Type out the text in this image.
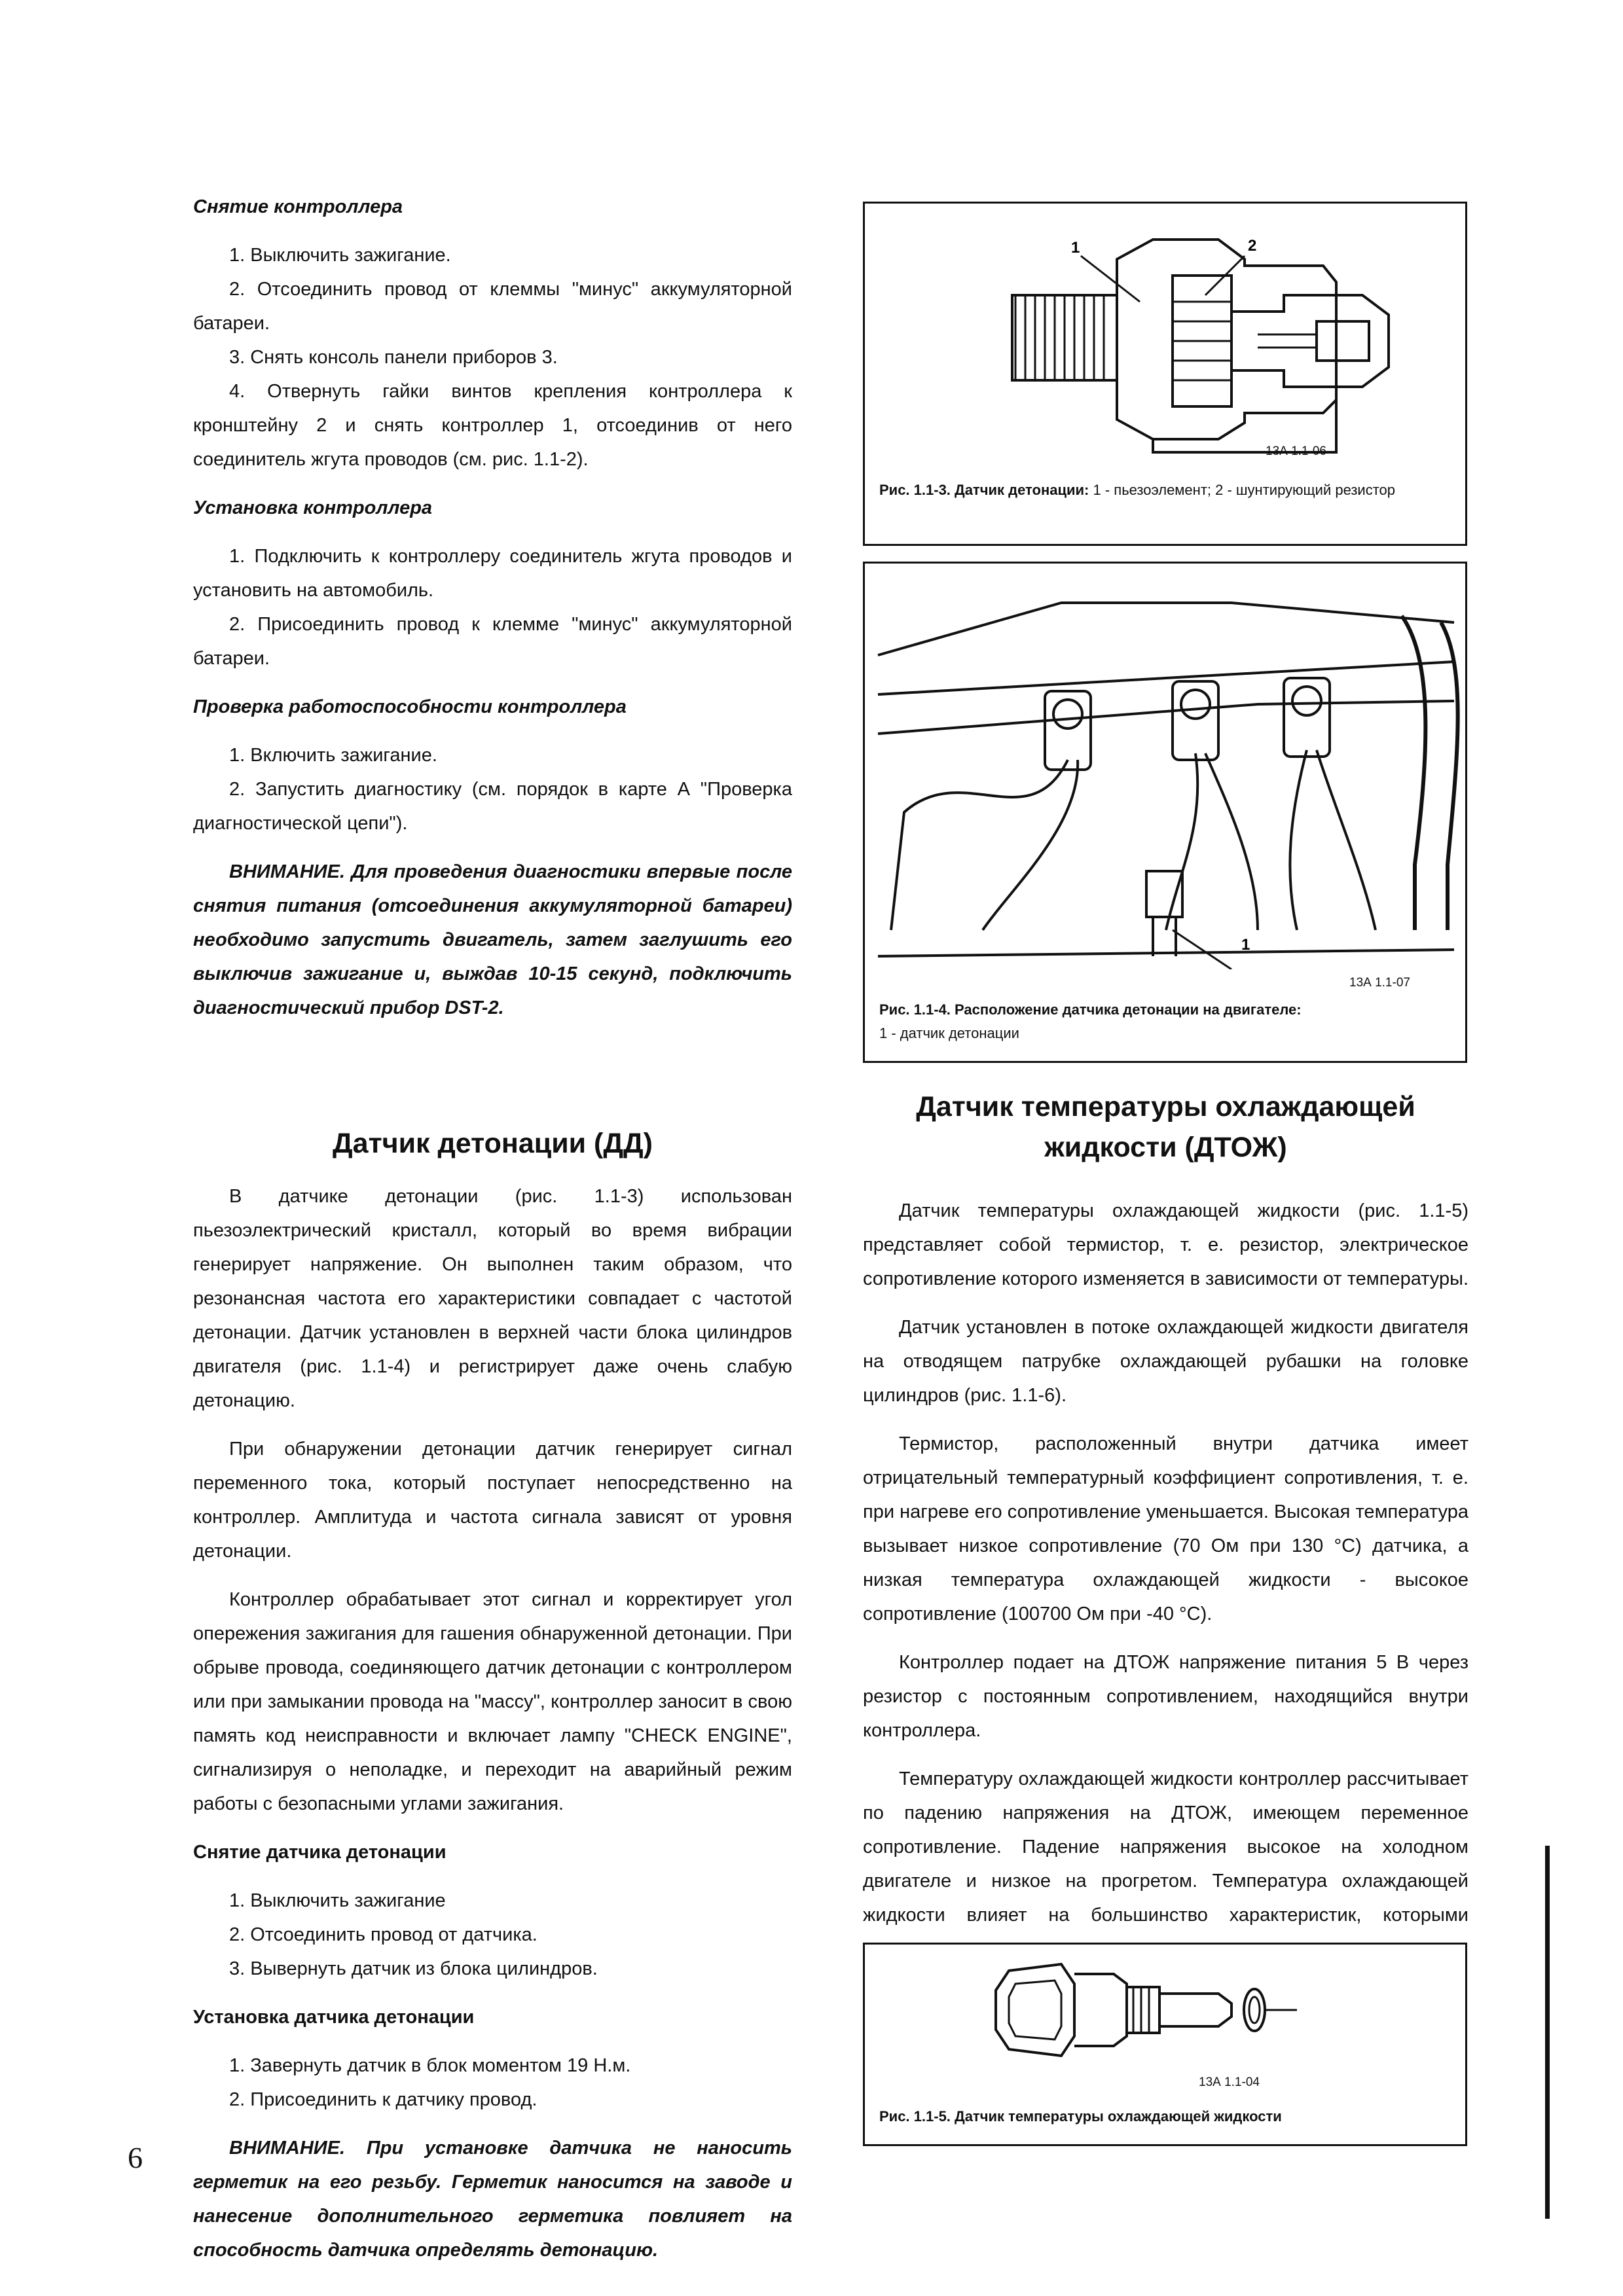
Снятие контроллера

1. Выключить зажигание.

2. Отсоединить провод от клеммы "минус" аккумуляторной батареи.

3. Снять консоль панели приборов 3.

4. Отвернуть гайки винтов крепления контроллера к кронштейну 2 и снять контроллер 1, отсоединив от него соединитель жгута проводов (см. рис. 1.1-2).

Установка контроллера

1. Подключить к контроллеру соединитель жгута проводов и установить на автомобиль.

2. Присоединить провод к клемме "минус" аккумуляторной батареи.

Проверка работоспособности контроллера

1. Включить зажигание.

2. Запустить диагностику (см. порядок в карте А "Проверка диагностической цепи").

ВНИМАНИЕ. Для проведения диагностики впервые после снятия питания (отсоединения аккумуляторной батареи) необходимо запустить двигатель, затем заглушить его выключив зажигание и, выждав 10-15 секунд, подключить диагностический прибор DST-2.

Датчик детонации (ДД)

В датчике детонации (рис. 1.1-3) использован пьезоэлектрический кристалл, который во время вибрации генерирует напряжение. Он выполнен таким образом, что резонансная частота его характеристики совпадает с частотой детонации. Датчик установлен в верхней части блока цилиндров двигателя (рис. 1.1-4) и регистрирует даже очень слабую детонацию.

При обнаружении детонации датчик генерирует сигнал переменного тока, который поступает непосредственно на контроллер. Амплитуда и частота сигнала зависят от уровня детонации.

Контроллер обрабатывает этот сигнал и корректирует угол опережения зажигания для гашения обнаруженной детонации. При обрыве провода, соединяющего датчик детонации с контроллером или при замыкании провода на "массу", контроллер заносит в свою память код неисправности и включает лампу "CHECK ENGINE", сигнализируя о неполадке, и переходит на аварийный режим работы с безопасными углами зажигания.

Снятие датчика детонации

1. Выключить зажигание

2. Отсоединить провод от датчика.

3. Вывернуть датчик из блока цилиндров.

Установка датчика детонации

1. Завернуть датчик в блок моментом 19 Н.м.

2. Присоединить к датчику провод.

ВНИМАНИЕ. При установке датчика не наносить герметик на его резьбу. Герметик наносится на заводе и нанесение дополнительного герметика повлияет на способность датчика определять детонацию.

1	2
13А 1.1-06
Рис. 1.1-3. Датчик детонации: 1 - пьезоэлемент; 2 - шунтирующий резистор
1
13А 1.1-07
Рис. 1.1-4. Расположение датчика детонации на двигателе:
1 - датчик детонации
Датчик температуры охлаждающей жидкости (ДТОЖ)

Датчик температуры охлаждающей жидкости (рис. 1.1-5) представляет собой термистор, т. е. резистор, электрическое сопротивление которого изменяется в зависимости от температуры.

Датчик установлен в потоке охлаждающей жидкости двигателя на отводящем патрубке охлаждающей рубашки на головке цилиндров (рис. 1.1-6).

Термистор, расположенный внутри датчика имеет отрицательный температурный коэффициент сопротивления, т. е. при нагреве его сопротивление уменьшается. Высокая температура вызывает низкое сопротивление (70 Ом при 130 °С) датчика, а низкая температура охлаждающей жидкости - высокое сопротивление (100700 Ом при -40 °С).

Контроллер подает на ДТОЖ напряжение питания 5 В через резистор с постоянным сопротивлением, находящийся внутри контроллера.

Температуру охлаждающей жидкости контроллер рассчитывает по падению напряжения на ДТОЖ, имеющем переменное сопротивление. Падение напряжения высокое на холодном двигателе и низкое на прогретом. Температура охлаждающей жидкости влияет на большинство характеристик, которыми

13А 1.1-04
Рис. 1.1-5. Датчик температуры охлаждающей жидкости
6
